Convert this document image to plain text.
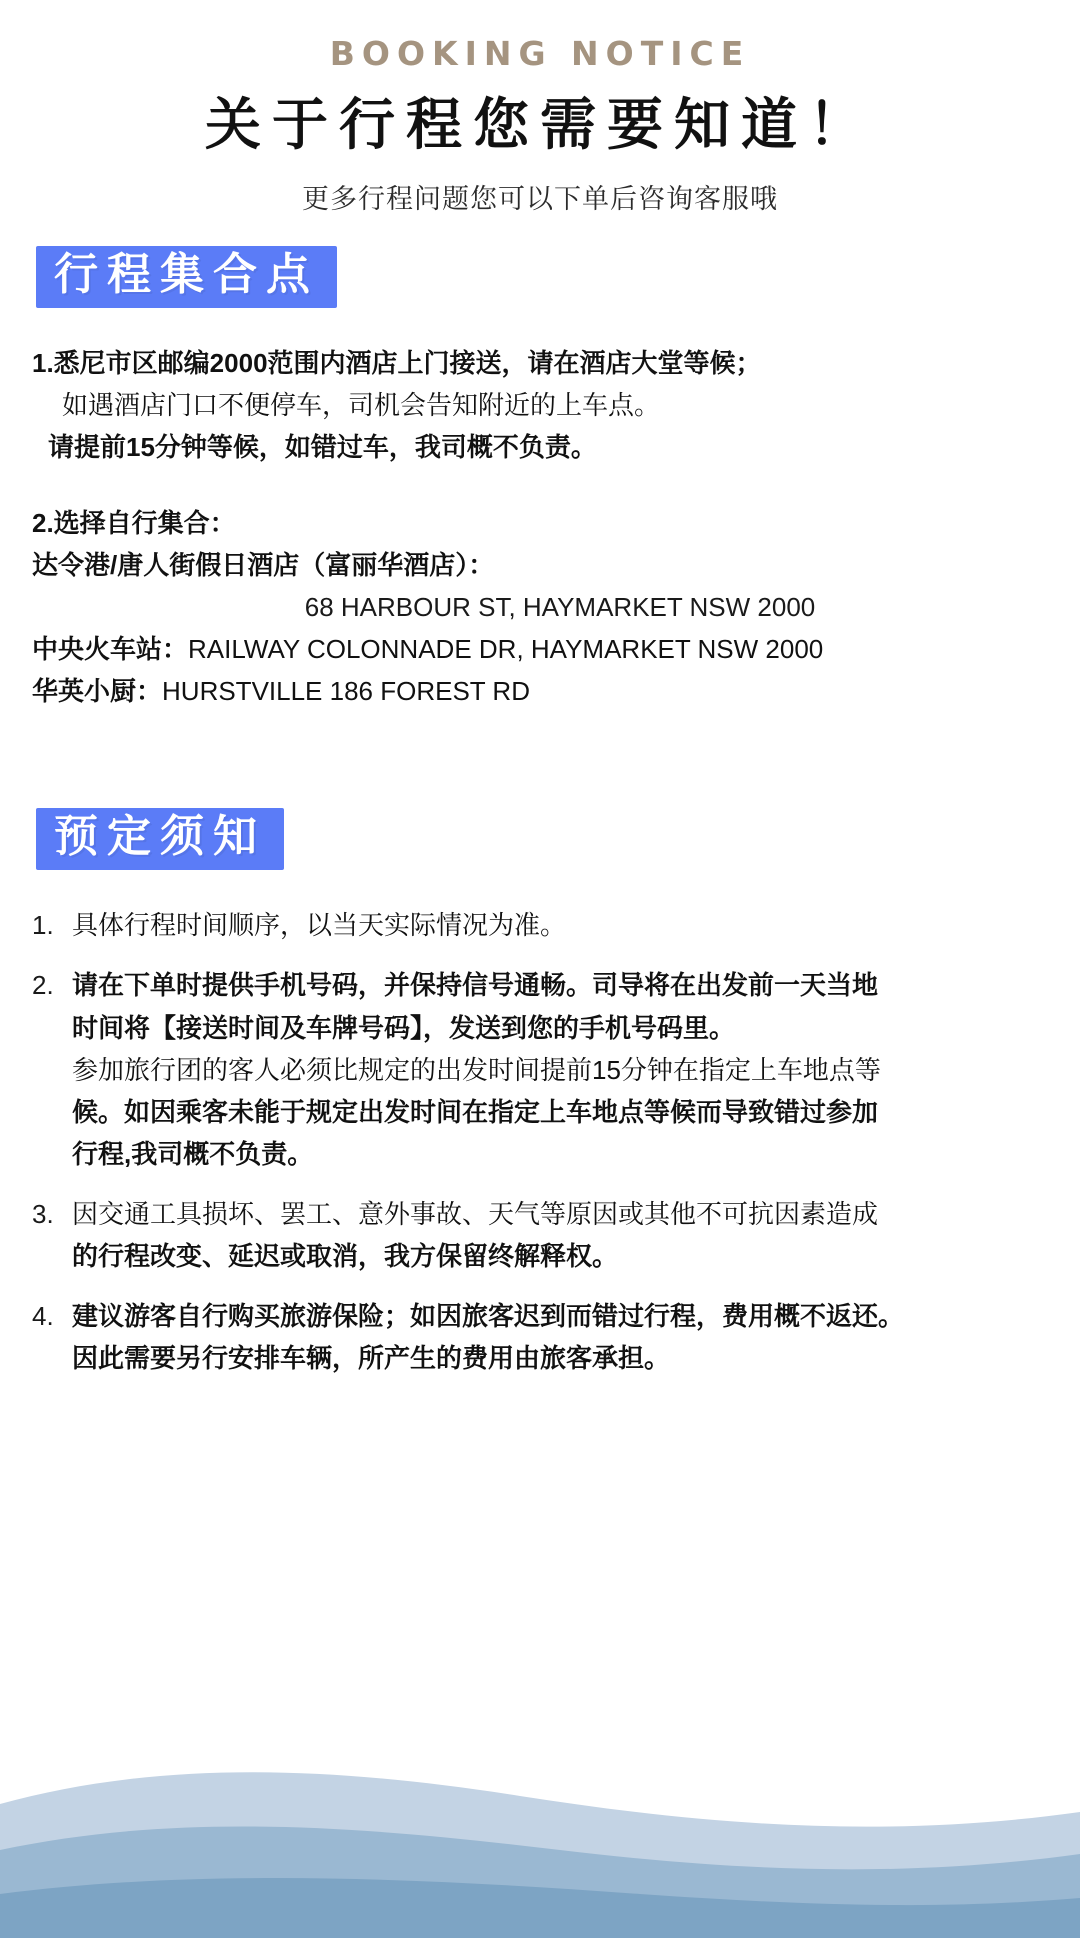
BOOKING NOTICE
关于行程您需要知道！
更多行程问题您可以下单后咨询客服哦
行程集合点

1.悉尼市区邮编2000范围内酒店上门接送，请在酒店大堂等候；

如遇酒店门口不便停车，司机会告知附近的上车点。

请提前15分钟等候，如错过车，我司概不负责。

2.选择自行集合：

达令港/唐人街假日酒店（富丽华酒店）：

68 HARBOUR ST, HAYMARKET NSW 2000

中央火车站：RAILWAY COLONNADE DR, HAYMARKET NSW 2000

华英小厨：HURSTVILLE 186 FOREST RD

预定须知
1. 具体行程时间顺序，以当天实际情况为准。

2. 请在下单时提供手机号码，并保持信号通畅。司导将在出发前一天当地

时间将【接送时间及车牌号码】，发送到您的手机号码里。

参加旅行团的客人必须比规定的出发时间提前15分钟在指定上车地点等

候。如因乘客未能于规定出发时间在指定上车地点等候而导致错过参加

行程,我司概不负责。

3. 因交通工具损坏、罢工、意外事故、天气等原因或其他不可抗因素造成

的行程改变、延迟或取消，我方保留终解释权。

4. 建议游客自行购买旅游保险；如因旅客迟到而错过行程，费用概不返还。

因此需要另行安排车辆，所产生的费用由旅客承担。
